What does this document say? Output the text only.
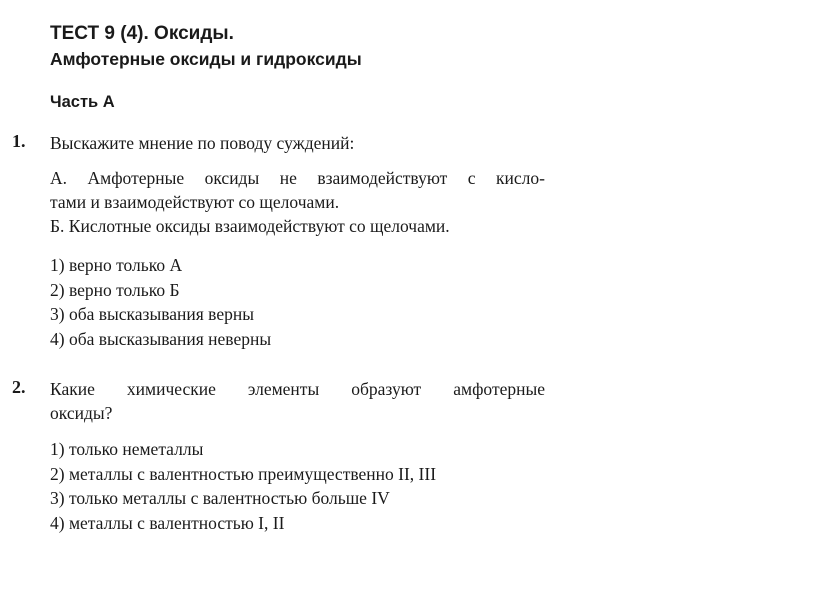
ТЕСТ 9 (4). Оксиды.
Амфотерные оксиды и гидроксиды
Часть А
1. Выскажите мнение по поводу суждений:
А. Амфотерные оксиды не взаимодействуют с кисло-
тами и взаимодействуют со щелочами.
Б. Кислотные оксиды взаимодействуют со щелочами.
1) верно только А
2) верно только Б
3) оба высказывания верны
4) оба высказывания неверны
2. Какие химические элементы образуют амфотерные
оксиды?
1) только неметаллы
2) металлы с валентностью преимущественно II, III
3) только металлы с валентностью больше IV
4) металлы с валентностью I, II
